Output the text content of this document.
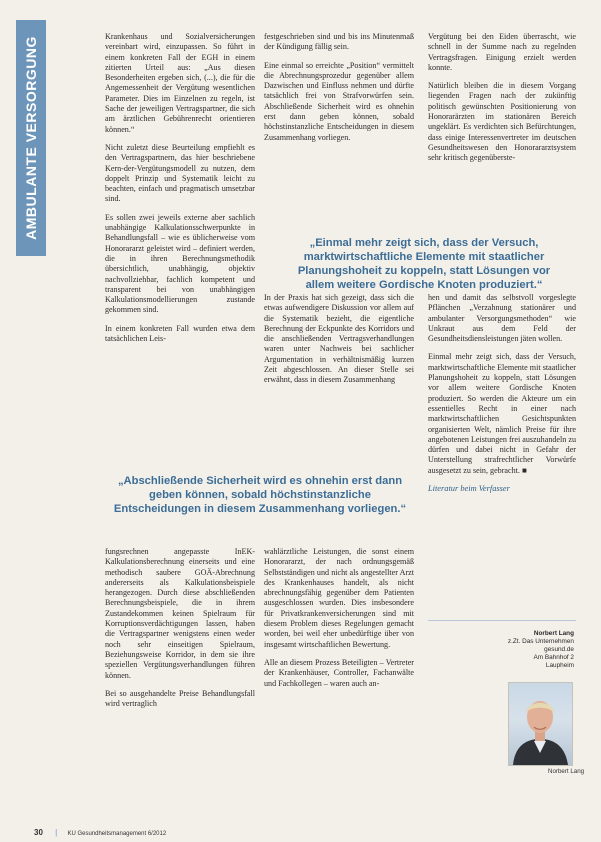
AMBULANTE VERSORGUNG	Krankenhaus und Sozialversicherungen vereinbart wird, einzupassen. So führt in einem konkreten Fall der EGH in einem zitierten Urteil aus: „Aus diesen Besonderheiten ergeben sich, (...), die für die Angemessenheit der Vergütung wesentlichen Parameter. Dies im Einzelnen zu regeln, ist Sache der jeweiligen Vertragspartner, die sich am ärztlichen Gebührenrecht orientieren können.“

Nicht zuletzt diese Beurteilung empfiehlt es den Vertragspartnern, das hier beschriebene Kern-der-Vergütungsmodell zu nutzen, dem doppelt Prinzip und Systematik leicht zu beachten, einfach und pragmatisch umsetzbar sind.

Es sollen zwei jeweils externe aber sachlich unabhängige Kalkulationsschwerpunkte in Behandlungsfall – wie es üblicherweise vom Honorararzt geleistet wird – definiert werden, die in ihren Berechnungsmethodik übersichtlich, unabhängig, objektiv nachvollziehbar, fachlich kompetent und transparent bei von unabhängigen Kalkulationsmodellierungen zustande gekommen sind.

In einem konkreten Fall wurden etwa dem tatsächlichen Leis-

festgeschrieben sind und bis ins Minutenmaß der Kündigung fällig sein.

Eine einmal so erreichte „Position“ vermittelt die Abrechnungsprozedur gegenüber allem Dazwischen und Einfluss nehmen und dürfte tatsächlich frei von Strafvorwürfen sein. Abschließende Sicherheit wird es ohnehin erst dann geben können, sobald höchstinstanzliche Entscheidungen in diesem Zusammenhang vorliegen.

Vergütung bei den Eiden überrascht, wie schnell in der Summe nach zu regelnden Vertragsfragen. Einigung erzielt werden konnte.

Natürlich bleiben die in diesem Vorgang liegenden Fragen nach der zukünftig politisch gewünschten Positionierung von Honorarärzten im stationären Bereich ungeklärt. Es verdichten sich Befürchtungen, dass einige Interessenvertreter im deutschen Gesundheitswesen den Honorararztsystem sehr kritisch gegenüberste-

„Einmal mehr zeigt sich, dass der Versuch, marktwirtschaftliche Elemente mit staatlicher Planungshoheit zu koppeln, statt Lösungen vor allem weitere Gordische Knoten produziert.“

In der Praxis hat sich gezeigt, dass sich die etwas aufwendigere Diskussion vor allem auf die Systematik bezieht, die eigentliche Berechnung der Eckpunkte des Korridors und die anschließenden Vertragsverhandlungen waren unter Nachweis bei sachlicher Argumentation in verhältnismäßig kurzen Zeit abgeschlossen. An dieser Stelle sei erwähnt, dass in diesem Zusammenhang

hen und damit das selbstvoll vorgeslegte Pflänchen „Verzahnung stationärer und ambulanter Versorgungsmethoden“ wie Unkraut aus dem Feld der Gesundheitsdiensleistungen jäten wollen.

Einmal mehr zeigt sich, dass der Versuch, marktwirtschaftliche Elemente mit staatlicher Planungshoheit zu koppeln, statt Lösungen vor allem weitere Gordische Knoten produziert. So werden die Akteure um ein essentielles Recht in einer nach marktwirtschaftlichen Gesichtspunkten organisierten Welt, nämlich Preise für ihre angebotenen Leistungen frei auszuhandeln zu dürfen und dabei nicht in Gefahr der Unterstellung strafrechtlicher Vorwürfe ausgesetzt zu sein, gebracht. ■

Literatur beim Verfasser

„Abschließende Sicherheit wird es ohnehin erst dann geben können, sobald höchstinstanzliche Entscheidungen in diesem Zusammenhang vorliegen.“

fungsrechnen angepasste InEK-Kalkulationsberechnung einerseits und eine methodisch saubere GOÄ-Abrechnung andererseits als Kalkulationsbeispiele herangezogen. Durch diese abschließenden Berechnungsbeispiele, die in ihrem Zustandekommen keinen Spielraum für Korruptionsverdächtigungen lassen, haben die Vertragspartner wenigstens einen weder noch sehr einseitigen Spielraum, Beziehungsweise Korridor, in dem sie ihre speziellen Vergütungsverhandlungen führen können.

Bei so ausgehandelte Preise Behandlungsfall wird vertraglich

wahlärztliche Leistungen, die sonst einem Honorararzt, der nach ordnungsgemäß Selbstständigen und nicht als angestellter Arzt des Krankenhauses handelt, als nicht abrechnungsfähig gegenüber dem Patienten ausgeschlossen wurden. Dies insbesondere für Privatkrankenversicherungen sind mit diesem Problem dieses Regelungen gemacht worden, bei weil eher unbedürftige über von insgesamt wirtschaftlichen Bewertung.

Alle an diesem Prozess Beteiligten – Vertreter der Krankenhäuser, Controller, Fachanwälte und Fachkollegen – waren auch an-

Norbert Lang
z.Zt. Das Unternehmen
gesund.de
Am Bahnhof 2
Laupheim
Norbert Lang
30 | KU Gesundheitsmanagement 6/2012
